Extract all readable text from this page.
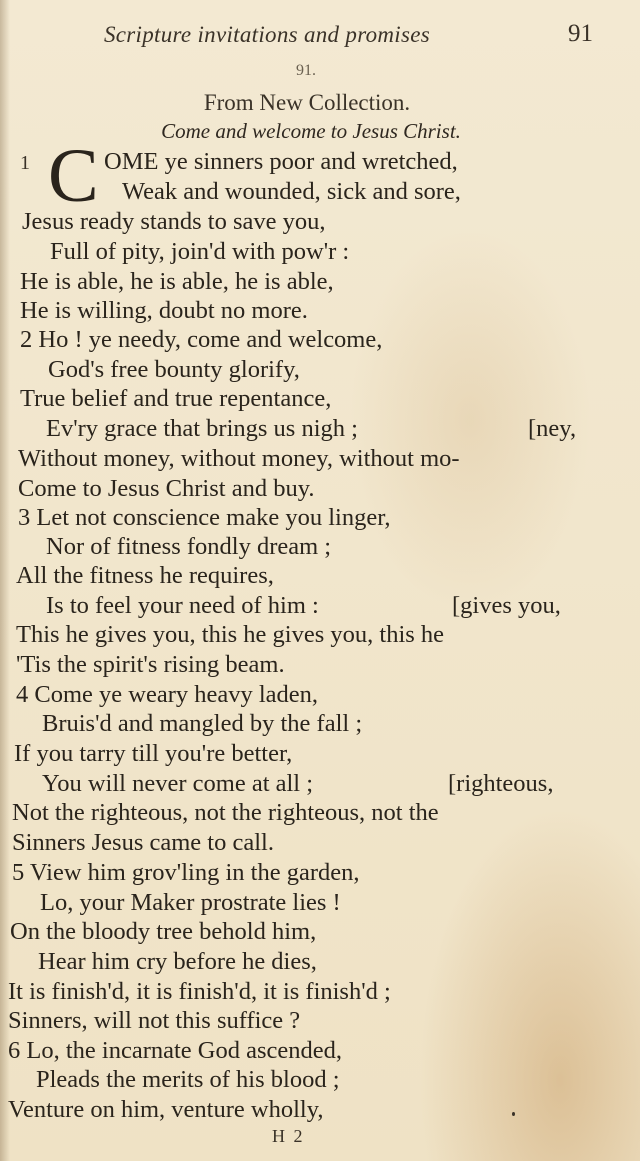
Scripture invitations and promises	91
91.
From New Collection.
Come and welcome to Jesus Christ.
1 C OME ye sinners poor and wretched,
Weak and wounded, sick and sore,
Jesus ready stands to save you,
Full of pity, join'd with pow'r :
He is able, he is able, he is able,
He is willing, doubt no more.
2 Ho ! ye needy, come and welcome,
God's free bounty glorify,
True belief and true repentance,
Ev'ry grace that brings us nigh ;
Without money, without money, without mo-
Come to Jesus Christ and buy.
3 Let not conscience make you linger,
Nor of fitness fondly dream ;
All the fitness he requires,
Is to feel your need of him :
This he gives you, this he gives you, this he
'Tis the spirit's rising beam.
4 Come ye weary heavy laden,
Bruis'd and mangled by the fall ;
If you tarry till you're better,
You will never come at all ;
Not the righteous, not the righteous, not the
Sinners Jesus came to call.
5 View him grov'ling in the garden,
Lo, your Maker prostrate lies !
On the bloody tree behold him,
Hear him cry before he dies,
It is finish'd, it is finish'd, it is finish'd ;
Sinners, will not this suffice ?
6 Lo, the incarnate God ascended,
Pleads the merits of his blood ;
Venture on him, venture wholly,
[ney,
[gives you,
[righteous,
H 2
